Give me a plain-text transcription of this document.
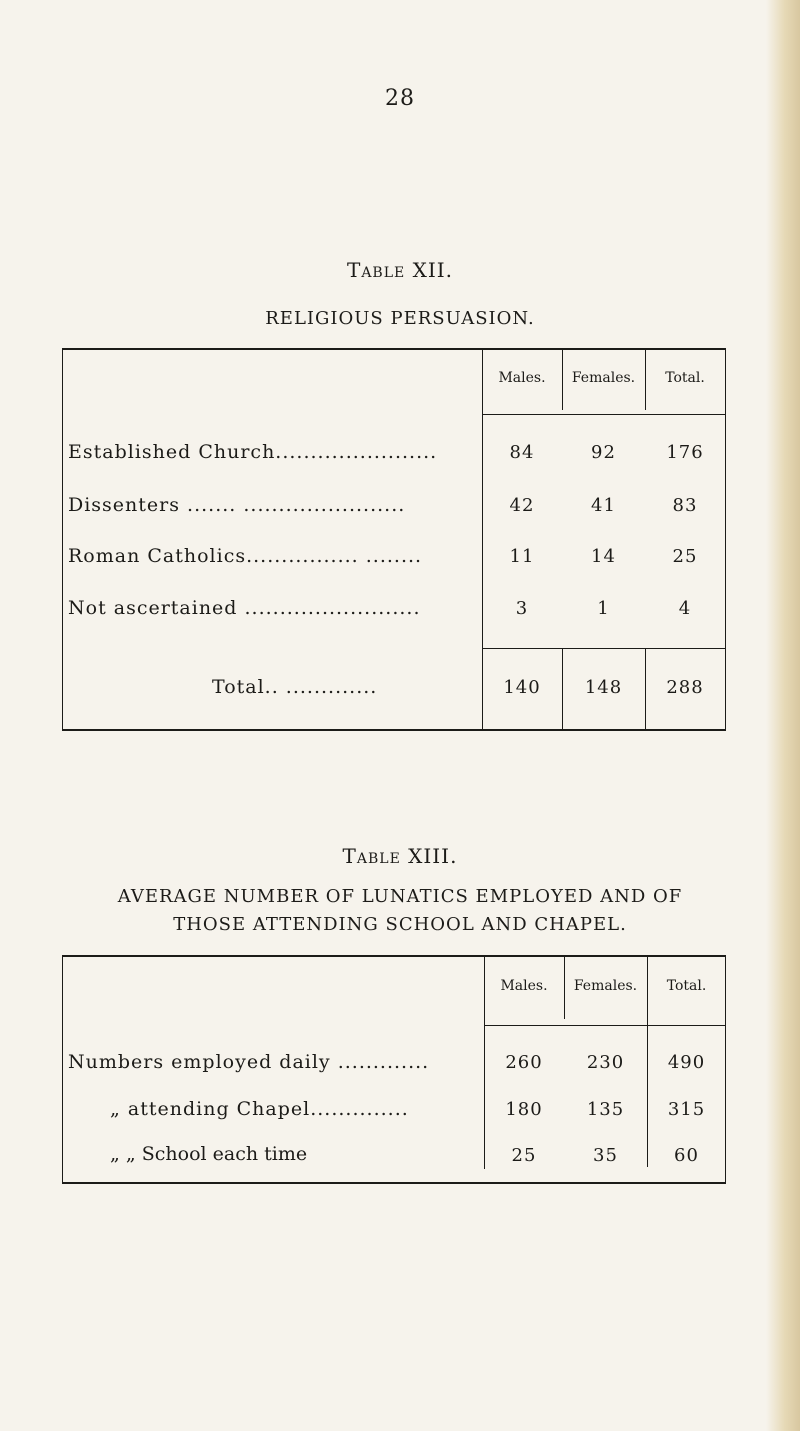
28
Table XII.
RELIGIOUS PERSUASION.
Males.	Females.	Total.
Established Church.......................	84	92	176
Dissenters ....... .......................	42	41	83
Roman Catholics................ ........	11	14	25
Not ascertained .........................	3	1	4
Total.. .............	140	148	288
Table XIII.
AVERAGE NUMBER OF LUNATICS EMPLOYED AND OF
THOSE ATTENDING SCHOOL AND CHAPEL.
Males.	Females.	Total.
Numbers employed daily .............	260	230	490
„ attending Chapel..............	180	135	315
„ „ School each time	25	35	60
